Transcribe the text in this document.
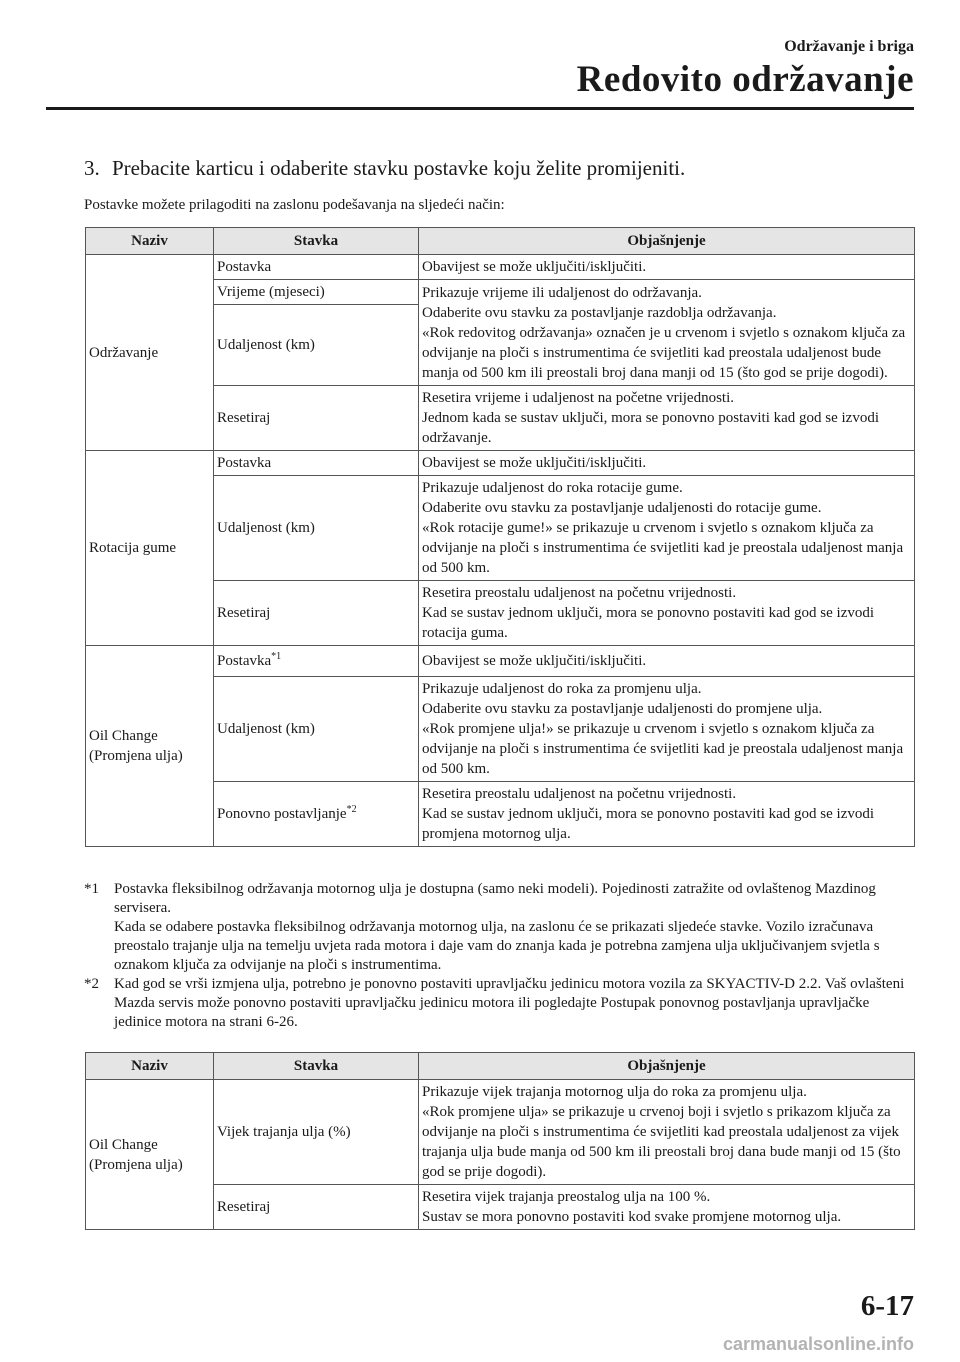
Održavanje i briga
Redovito održavanje
3. Prebacite karticu i odaberite stavku postavke koju želite promijeniti.
Postavke možete prilagoditi na zaslonu podešavanja na sljedeći način:
Naziv	Stavka	Objašnjenje
Održavanje	Postavka	Obavijest se može uključiti/isključiti.
	Vrijeme (mjeseci)	Prikazuje vrijeme ili udaljenost do održavanja.
Odaberite ovu stavku za postavljanje razdoblja održavanja.
«Rok redovitog održavanja» označen je u crvenom i svjetlo s oznakom ključa za odvijanje na ploči s instrumentima će svijetliti kad preostala udaljenost bude manja od 500 km ili preostali broj dana manji od 15 (što god se prije dogodi).
	Udaljenost (km)	
	Resetiraj	Resetira vrijeme i udaljenost na početne vrijednosti.
Jednom kada se sustav uključi, mora se ponovno postaviti kad god se izvodi održavanje.
Rotacija gume	Postavka	Obavijest se može uključiti/isključiti.
	Udaljenost (km)	Prikazuje udaljenost do roka rotacije gume.
Odaberite ovu stavku za postavljanje udaljenosti do rotacije gume.
«Rok rotacije gume!» se prikazuje u crvenom i svjetlo s oznakom ključa za odvijanje na ploči s instrumentima će svijetliti kad je preostala udaljenost manja od 500 km.
	Resetiraj	Resetira preostalu udaljenost na početnu vrijednosti.
Kad se sustav jednom uključi, mora se ponovno postaviti kad god se izvodi rotacija guma.
Oil Change
(Promjena ulja)	Postavka$^{*1}$	Obavijest se može uključiti/isključiti.
	Udaljenost (km)	Prikazuje udaljenost do roka za promjenu ulja.
Odaberite ovu stavku za postavljanje udaljenosti do promjene ulja.
«Rok promjene ulja!» se prikazuje u crvenom i svjetlo s oznakom ključa za odvijanje na ploči s instrumentima će svijetliti kad je preostala udaljenost manja od 500 km.
	Ponovno postavljanje$^{*2}$	Resetira preostalu udaljenost na početnu vrijednosti.
Kad se sustav jednom uključi, mora se ponovno postaviti kad god se izvodi promjena motornog ulja.
*1	Postavka fleksibilnog održavanja motornog ulja je dostupna (samo neki modeli). Pojedinosti zatražite od ovlaštenog Mazdinog servisera.
Kada se odabere postavka fleksibilnog održavanja motornog ulja, na zaslonu će se prikazati sljedeće stavke. Vozilo izračunava preostalo trajanje ulja na temelju uvjeta rada motora i daje vam do znanja kada je potrebna zamjena ulja uključivanjem svjetla s oznakom ključa za odvijanje na ploči s instrumentima.
*2	Kad god se vrši izmjena ulja, potrebno je ponovno postaviti upravljačku jedinicu motora vozila za SKYACTIV-D 2.2. Vaš ovlašteni Mazda servis može ponovno postaviti upravljačku jedinicu motora ili pogledajte Postupak ponovnog postavljanja upravljačke jedinice motora na strani 6-26.
Naziv	Stavka	Objašnjenje
Oil Change
(Promjena ulja)	Vijek trajanja ulja (%)	Prikazuje vijek trajanja motornog ulja do roka za promjenu ulja.
«Rok promjene ulja» se prikazuje u crvenoj boji i svjetlo s prikazom ključa za odvijanje na ploči s instrumentima će svijetliti kad preostala udaljenost za vijek trajanja ulja bude manja od 500 km ili preostali broj dana bude manji od 15 (što god se prije dogodi).
	Resetiraj	Resetira vijek trajanja preostalog ulja na 100 %.
Sustav se mora ponovno postaviti kod svake promjene motornog ulja.
6-17
carmanualsonline.info
